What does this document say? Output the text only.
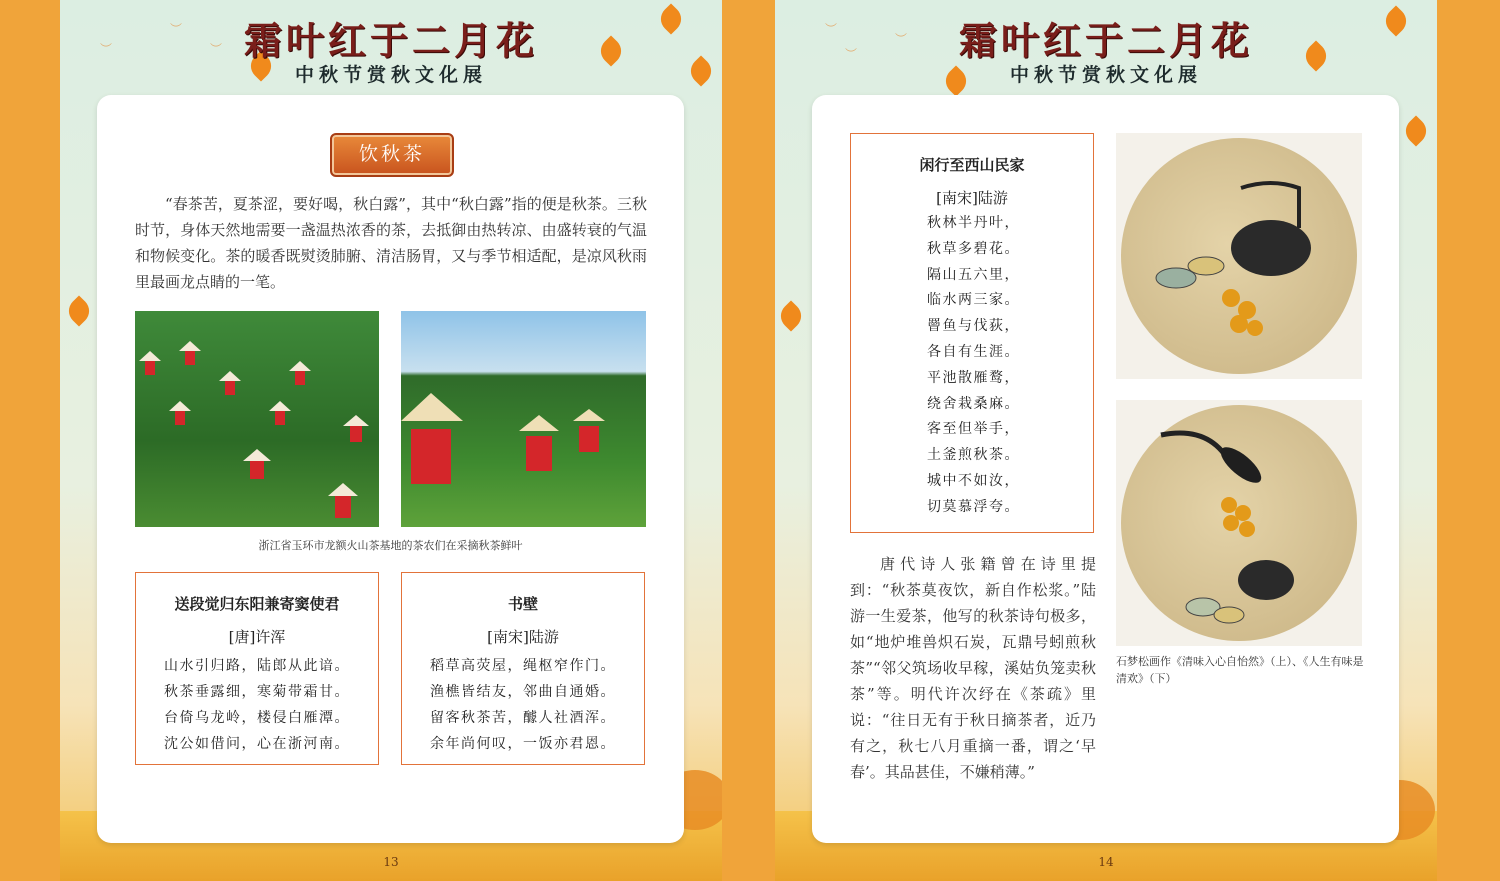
︶
︶
︶ 霜叶红于二月花
中秋节赏秋文化展
饮秋茶
“春茶苦，夏茶涩，要好喝，秋白露”，其中“秋白露”指的便是秋茶。三秋时节，身体天然地需要一盏温热浓香的茶，去抵御由热转凉、由盛转衰的气温和物候变化。茶的暖香既熨烫肺腑、清洁肠胃，又与季节相适配，是凉风秋雨里最画龙点睛的一笔。
浙江省玉环市龙额火山茶基地的茶农们在采摘秋茶鲜叶
送段觉归东阳兼寄窦使君
[唐]许浑
山水引归路，陆郎从此谙。
秋茶垂露细，寒菊带霜甘。
台倚乌龙岭，楼侵白雁潭。
沈公如借问，心在浙河南。
书壁
[南宋]陆游
稻草高荧屋，绳枢窄作门。
渔樵皆结友，邻曲自通婚。
留客秋茶苦，醵人社酒浑。
余年尚何叹，一饭亦君恩。
13
︶
︶
︶	霜叶红于二月花
中秋节赏秋文化展
闲行至西山民家
[南宋]陆游
秋林半丹叶，
秋草多碧花。
隔山五六里，
临水两三家。
罾鱼与伐荻，
各自有生涯。
平池散雁鹜，
绕舍栽桑麻。
客至但举手，
土釜煎秋茶。
城中不如汝，
切莫慕浮夸。
唐代诗人张籍曾在诗里提到：“秋茶莫夜饮，新自作松浆。”陆游一生爱茶，他写的秋茶诗句极多，如“地炉堆兽炽石炭，瓦鼎号蚓煎秋茶”“邻父筑场收早稼，溪姑负笼卖秋茶”等。明代许次纾在《茶疏》里说：“往日无有于秋日摘茶者，近乃有之，秋七八月重摘一番，谓之‘早春’。其品甚佳，不嫌稍薄。”
石梦松画作《清味入心自怡然》（上）、《人生有味是清欢》（下）
14
